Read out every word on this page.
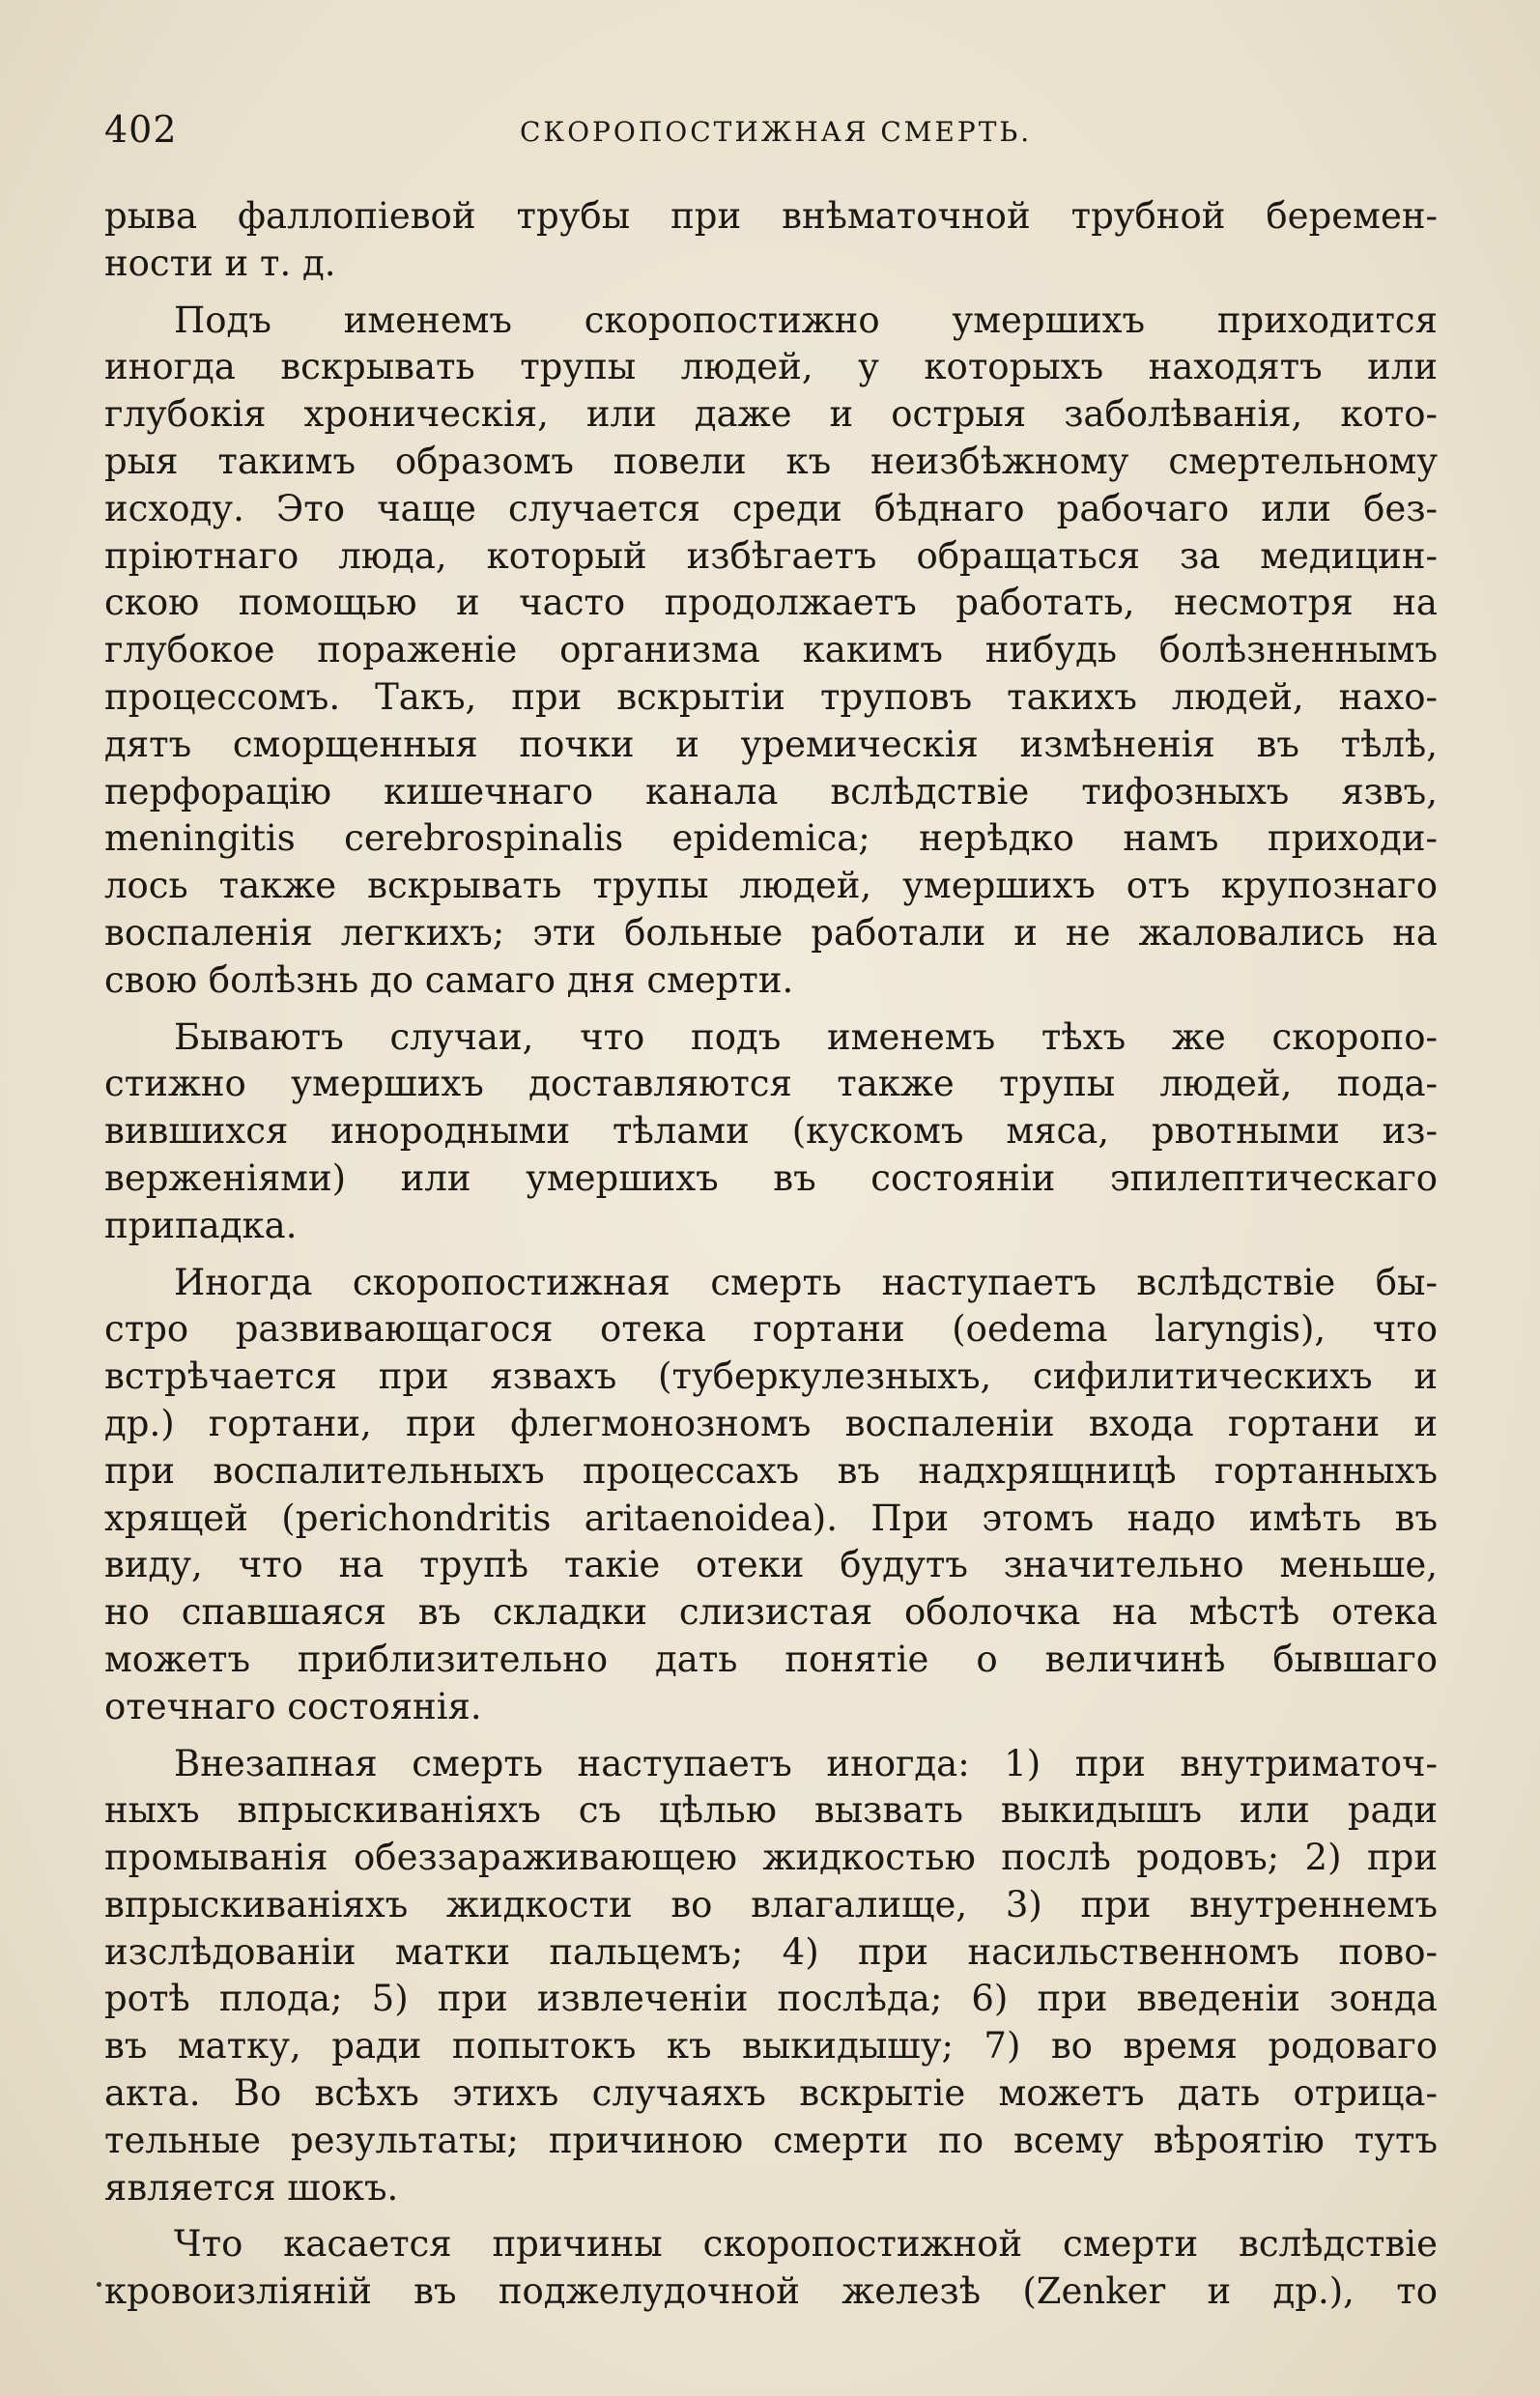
402	СКОРОПОСТИЖНАЯ СМЕРТЬ.

рыва фаллопіевой трубы при внѣматочной трубной беремен-
ности и т. д.

Подъ именемъ скоропостижно умершихъ приходится
иногда вскрывать трупы людей, у которыхъ находятъ или
глубокія хроническія, или даже и острыя заболѣванія, кото-
рыя такимъ образомъ повели къ неизбѣжному смертельному
исходу. Это чаще случается среди бѣднаго рабочаго или без-
пріютнаго люда, который избѣгаетъ обращаться за медицин-
скою помощью и часто продолжаетъ работать, несмотря на
глубокое пораженіе организма какимъ нибудь болѣзненнымъ
процессомъ. Такъ, при вскрытіи труповъ такихъ людей, нахо-
дятъ сморщенныя почки и уремическія измѣненія въ тѣлѣ,
перфорацію кишечнаго канала вслѣдствіе тифозныхъ язвъ,
meningitis cerebrospinalis epidemica; нерѣдко намъ приходи-
лось также вскрывать трупы людей, умершихъ отъ крупознаго
воспаленія легкихъ; эти больные работали и не жаловались на
свою болѣзнь до самаго дня смерти.

Бываютъ случаи, что подъ именемъ тѣхъ же скоропо-
стижно умершихъ доставляются также трупы людей, пода-
вившихся инородными тѣлами (кускомъ мяса, рвотными из-
верженіями) или умершихъ въ состояніи эпилептическаго
припадка.

Иногда скоропостижная смерть наступаетъ вслѣдствіе бы-
стро развивающагося отека гортани (oedema laryngis), что
встрѣчается при язвахъ (туберкулезныхъ, сифилитическихъ и
др.) гортани, при флегмонозномъ воспаленіи входа гортани и
при воспалительныхъ процессахъ въ надхрящницѣ гортанныхъ
хрящей (perichondritis aritaenoidea). При этомъ надо имѣть въ
виду, что на трупѣ такіе отеки будутъ значительно меньше,
но спавшаяся въ складки слизистая оболочка на мѣстѣ отека
можетъ приблизительно дать понятіе о величинѣ бывшаго
отечнаго состоянія.

Внезапная смерть наступаетъ иногда: 1) при внутриматоч-
ныхъ впрыскиваніяхъ съ цѣлью вызвать выкидышъ или ради
промыванія обеззараживающею жидкостью послѣ родовъ; 2) при
впрыскиваніяхъ жидкости во влагалище, 3) при внутреннемъ
изслѣдованіи матки пальцемъ; 4) при насильственномъ пово-
ротѣ плода; 5) при извлеченіи послѣда; 6) при введеніи зонда
въ матку, ради попытокъ къ выкидышу; 7) во время родоваго
акта. Во всѣхъ этихъ случаяхъ вскрытіе можетъ дать отрица-
тельные результаты; причиною смерти по всему вѣроятію тутъ
является шокъ.

Что касается причины скоропостижной смерти вслѣдствіе
кровоизліяній въ поджелудочной железѣ (Zenker и др.), то
